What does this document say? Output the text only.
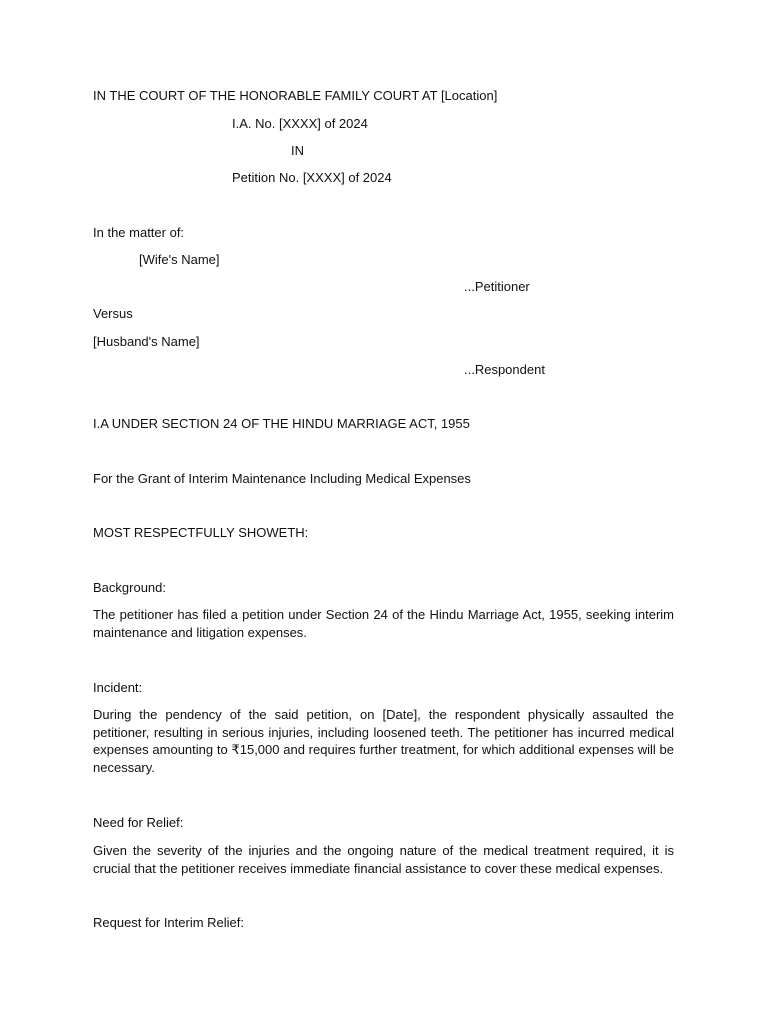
IN THE COURT OF THE HONORABLE FAMILY COURT AT [Location]
I.A. No. [XXXX] of 2024
IN
Petition No. [XXXX] of 2024
In the matter of:
[Wife's Name]
...Petitioner
Versus
[Husband's Name]
...Respondent
I.A UNDER SECTION 24 OF THE HINDU MARRIAGE ACT, 1955
For the Grant of Interim Maintenance Including Medical Expenses
MOST RESPECTFULLY SHOWETH:
Background:
The petitioner has filed a petition under Section 24 of the Hindu Marriage Act, 1955, seeking interim maintenance and litigation expenses.
Incident:
During the pendency of the said petition, on [Date], the respondent physically assaulted the petitioner, resulting in serious injuries, including loosened teeth. The petitioner has incurred medical expenses amounting to ₹15,000 and requires further treatment, for which additional expenses will be necessary.
Need for Relief:
Given the severity of the injuries and the ongoing nature of the medical treatment required, it is crucial that the petitioner receives immediate financial assistance to cover these medical expenses.
Request for Interim Relief:
